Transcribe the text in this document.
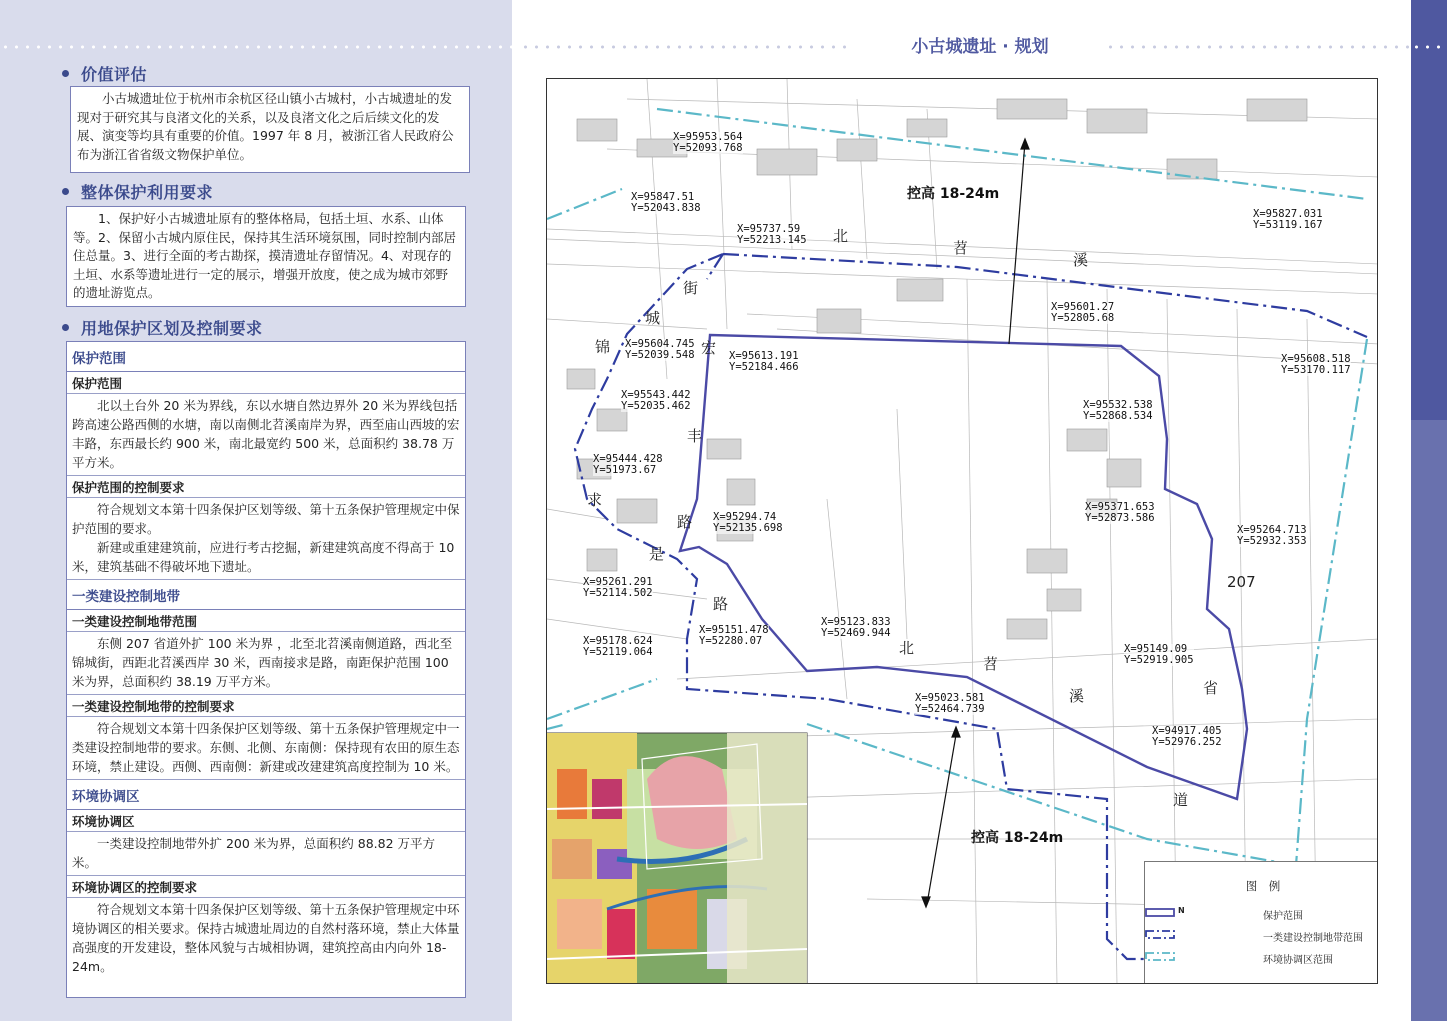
价值评估

小古城遗址位于杭州市余杭区径山镇小古城村，小古城遗址的发现对于研究其与良渚文化的关系，以及良渚文化之后后续文化的发展、演变等均具有重要的价值。1997 年 8 月，被浙江省人民政府公布为浙江省省级文物保护单位。

整体保护利用要求

1、保护好小古城遗址原有的整体格局，包括土垣、水系、山体等。2、保留小古城内原住民，保持其生活环境氛围，同时控制内部居住总量。3、进行全面的考古勘探，摸清遗址存留情况。4、对现存的土垣、水系等遗址进行一定的展示，增强开放度，使之成为城市郊野的遗址游览点。

用地保护区划及控制要求
保护范围
保护范围

北以土台外 20 米为界线，东以水塘自然边界外 20 米为界线包括跨高速公路西侧的水塘，南以南侧北苕溪南岸为界，西至庙山西坡的宏丰路，东西最长约 900 米，南北最宽约 500 米，总面积约 38.78 万平方米。

保护范围的控制要求

符合规划文本第十四条保护区划等级、第十五条保护管理规定中保护范围的要求。

新建或重建建筑前，应进行考古挖掘，新建建筑高度不得高于 10 米，建筑基础不得破坏地下遗址。

一类建设控制地带
一类建设控制地带范围

东侧 207 省道外扩 100 米为界 ，北至北苕溪南侧道路，西北至锦城街，西距北苕溪西岸 30 米，西南接求是路，南距保护范围 100 米为界，总面积约 38.19 万平方米。

一类建设控制地带的控制要求

符合规划文本第十四条保护区划等级、第十五条保护管理规定中一类建设控制地带的要求。东侧、北侧、东南侧：保持现有农田的原生态环境，禁止建设。西侧、西南侧：新建或改建建筑高度控制为 10 米。

环境协调区
环境协调区

一类建设控制地带外扩 200 米为界，总面积约 88.82 万平方米。

环境协调区的控制要求

符合规划文本第十四条保护区划等级、第十五条保护管理规定中环境协调区的相关要求。保持古城遗址周边的自然村落环境，禁止大体量高强度的开发建设，整体风貌与古城相协调，建筑控高由内向外 18-24m。

小古城遗址 · 规划
X=95953.564
Y=52093.768
X=95847.51
Y=52043.838
X=95737.59
Y=52213.145
X=95827.031
Y=53119.167
X=95601.27
Y=52805.68
X=95604.745
Y=52039.548	X=95613.191
Y=52184.466
X=95608.518
Y=53170.117
X=95543.442
Y=52035.462	X=95532.538
Y=52868.534
X=95444.428
Y=51973.67
X=95371.653
Y=52873.586
X=95294.74
Y=52135.698	X=95264.713
Y=52932.353
X=95261.291
Y=52114.502
X=95178.624
Y=52119.064
X=95151.478
Y=52280.07
X=95123.833
Y=52469.944
X=95149.09
Y=52919.905
X=95023.581
Y=52464.739
X=94917.405
Y=52976.252
控高 18-24m
控高 18-24m
锦
城
街
宏
丰
路
求
是
路
北
苕
溪
北
苕
溪
207
省
道
图　例
N
保护范围
一类建设控制地带范围
环境协调区范围
